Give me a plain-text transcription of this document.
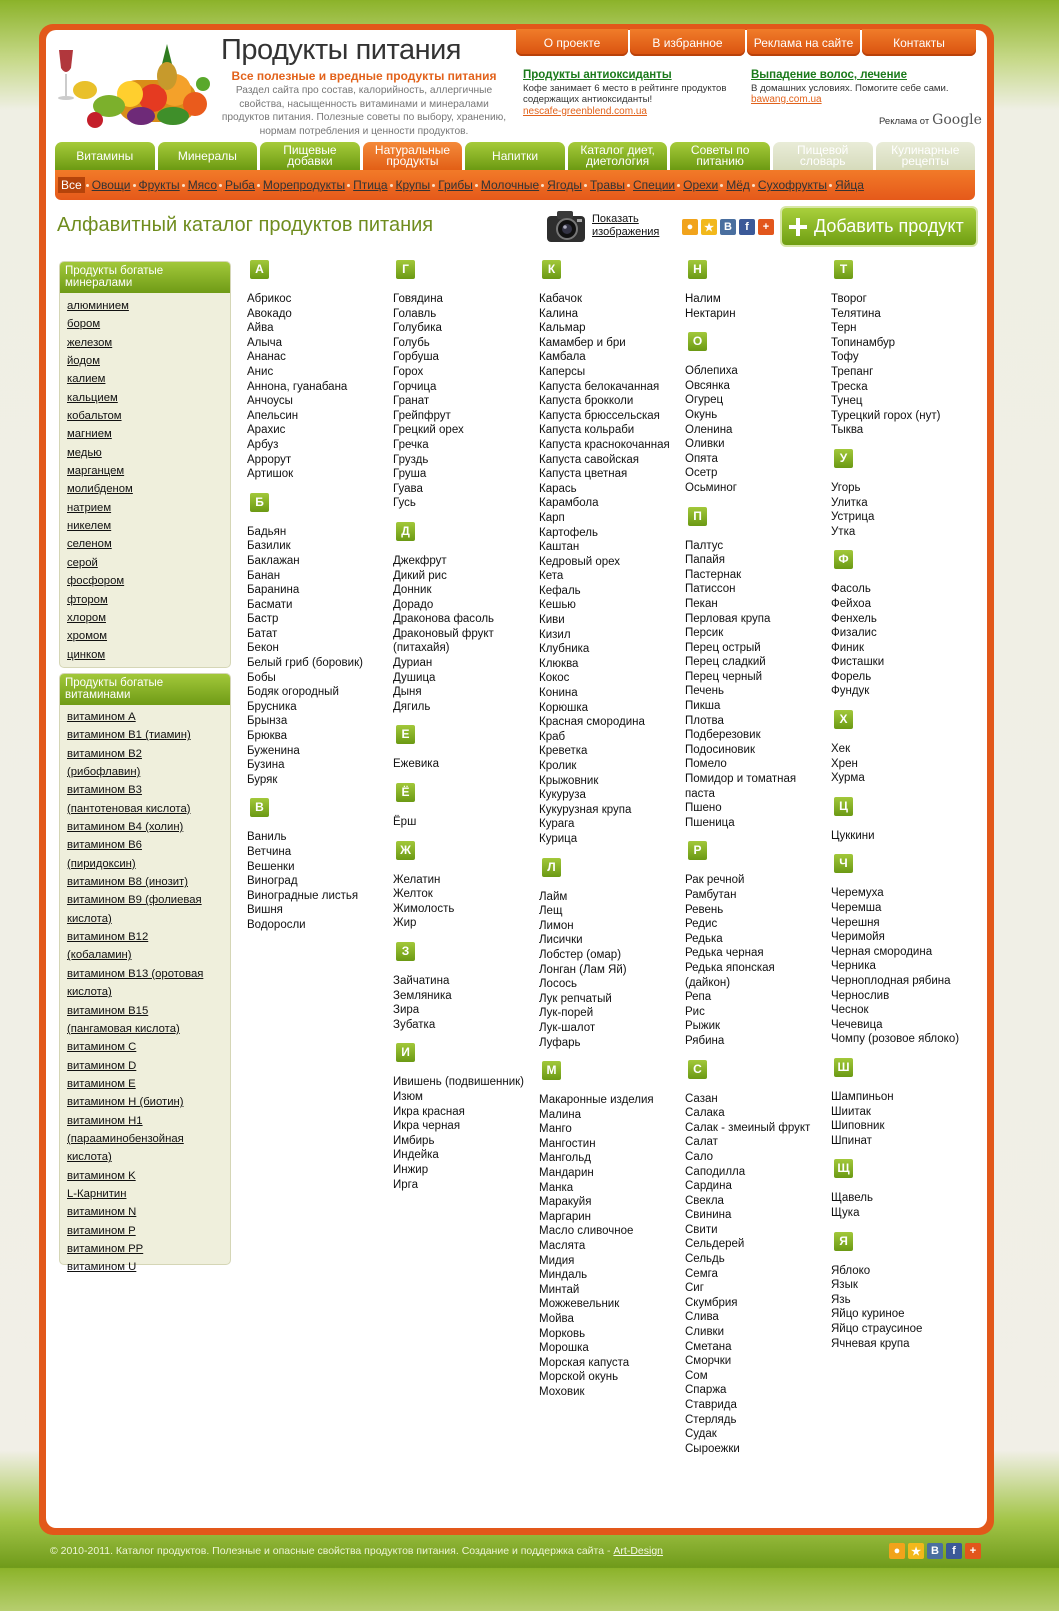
Продукты питания
Все полезные и вредные продукты питания
Раздел сайта про состав, калорийность, аллергичные свойства, насыщенность витаминами и минералами продуктов питания. Полезные советы по выбору, хранению, нормам потребления и ценности продуктов.
О проекте	В избранное	Реклама на сайте	Контакты
Продукты антиоксиданты
Кофе занимает 6 место в рейтинге продуктов содержащих антиоксиданты!
nescafe-greenblend.com.ua
Выпадение волос, лечение
В домашних условиях. Помогите себе сами.
bawang.com.ua
Реклама от Google
Витамины	Минералы	Пищевые добавки
Натуральные продукты	Напитки	Каталог диет, диетология
Советы по питанию
Пищевой словарь
Кулинарные рецепты
Все Овощи Фрукты Мясо Рыба Морепродукты Птица Крупы Грибы Молочные Ягоды Травы Специи Орехи Мёд Сухофрукты Яйца
Алфавитный каталог продуктов питания	Показать изображения	● ★ B	f	+ Добавить продукт
Продукты богатые минералами
алюминием
бором
железом
йодом
калием
кальцием
кобальтом
магнием
медью
марганцем
молибденом
натрием
никелем
селеном
серой
фосфором
фтором
хлором
хромом
цинком
Продукты богатые витаминами
витамином A
витамином B1 (тиамин)
витамином B2
(рибофлавин)
витамином B3
(пантотеновая кислота)
витамином B4 (холин)
витамином B6
(пиридоксин)
витамином B8 (инозит)
витамином B9 (фолиевая
кислота)
витамином B12
(кобаламин)
витамином B13 (оротовая
кислота)
витамином B15
(пангамовая кислота)
витамином C
витамином D
витамином E
витамином H (биотин)
витамином H1
(парааминобензойная
кислота)
витамином K
L-Карнитин
витамином N
витамином P
витамином PP
витамином U
А
Абрикос
Авокадо
Айва
Алыча
Ананас
Анис
Аннона, гуанабана
Анчоусы
Апельсин
Арахис
Арбуз
Аррорут
Артишок
Б
Бадьян
Базилик
Баклажан
Банан
Баранина
Басмати
Бастр
Батат
Бекон
Белый гриб (боровик)
Бобы
Бодяк огородный
Брусника
Брынза
Брюква
Буженина
Бузина
Буряк
В
Ваниль
Ветчина
Вешенки
Виноград
Виноградные листья
Вишня
Водоросли
Г
Говядина
Голавль
Голубика
Голубь
Горбуша
Горох
Горчица
Гранат
Грейпфрут
Грецкий орех
Гречка
Груздь
Груша
Гуава
Гусь
Д
Джекфрут
Дикий рис
Донник
Дорадо
Драконова фасоль
Драконовый фрукт
(питахайя)
Дуриан
Душица
Дыня
Дягиль
Е
Ежевика
Ё
Ёрш
Ж
Желатин
Желток
Жимолость
Жир
З
Зайчатина
Земляника
Зира
Зубатка
И
Ивишень (подвишенник)
Изюм
Икра красная
Икра черная
Имбирь
Индейка
Инжир
Ирга
К
Кабачок
Калина
Кальмар
Камамбер и бри
Камбала
Каперсы
Капуста белокачанная
Капуста брокколи
Капуста брюссельская
Капуста кольраби
Капуста краснокочанная
Капуста савойская
Капуста цветная
Карась
Карамбола
Карп
Картофель
Каштан
Кедровый орех
Кета
Кефаль
Кешью
Киви
Кизил
Клубника
Клюква
Кокос
Конина
Корюшка
Красная смородина
Краб
Креветка
Кролик
Крыжовник
Кукуруза
Кукурузная крупа
Курага
Курица
Л
Лайм
Лещ
Лимон
Лисички
Лобстер (омар)
Лонган (Лам Яй)
Лосось
Лук репчатый
Лук-порей
Лук-шалот
Луфарь
М
Макаронные изделия
Малина
Манго
Мангостин
Мангольд
Мандарин
Манка
Маракуйя
Маргарин
Масло сливочное
Маслята
Мидия
Миндаль
Минтай
Можжевельник
Мойва
Морковь
Морошка
Морская капуста
Морской окунь
Моховик
Н
Налим
Нектарин
О
Облепиха
Овсянка
Огурец
Окунь
Оленина
Оливки
Опята
Осетр
Осьминог
П
Палтус
Папайя
Пастернак
Патиссон
Пекан
Перловая крупа
Персик
Перец острый
Перец сладкий
Перец черный
Печень
Пикша
Плотва
Подберезовик
Подосиновик
Помело
Помидор и томатная
паста
Пшено
Пшеница
Р
Рак речной
Рамбутан
Ревень
Редис
Редька
Редька черная
Редька японская
(дайкон)
Репа
Рис
Рыжик
Рябина
С
Сазан
Салака
Салак - змеиный фрукт
Салат
Сало
Саподилла
Сардина
Свекла
Свинина
Свити
Сельдерей
Сельдь
Семга
Сиг
Скумбрия
Слива
Сливки
Сметана
Сморчки
Сом
Спаржа
Ставрида
Стерлядь
Судак
Сыроежки
Т
Творог
Телятина
Терн
Топинамбур
Тофу
Трепанг
Треска
Тунец
Турецкий горох (нут)
Тыква
У
Угорь
Улитка
Устрица
Утка
Ф
Фасоль
Фейхоа
Фенхель
Физалис
Финик
Фисташки
Форель
Фундук
Х
Хек
Хрен
Хурма
Ц
Цуккини
Ч
Черемуха
Черемша
Черешня
Черимойя
Черная смородина
Черника
Черноплодная рябина
Чернослив
Чеснок
Чечевица
Чомпу (розовое яблоко)
Ш
Шампиньон
Шиитак
Шиповник
Шпинат
Щ
Щавель
Щука
Я
Яблоко
Язык
Язь
Яйцо куриное
Яйцо страусиное
Ячневая крупа
© 2010-2011. Каталог продуктов. Полезные и опасные свойства продуктов питания. Создание и поддержка сайта - Art-Design	● ★ B	f	+
